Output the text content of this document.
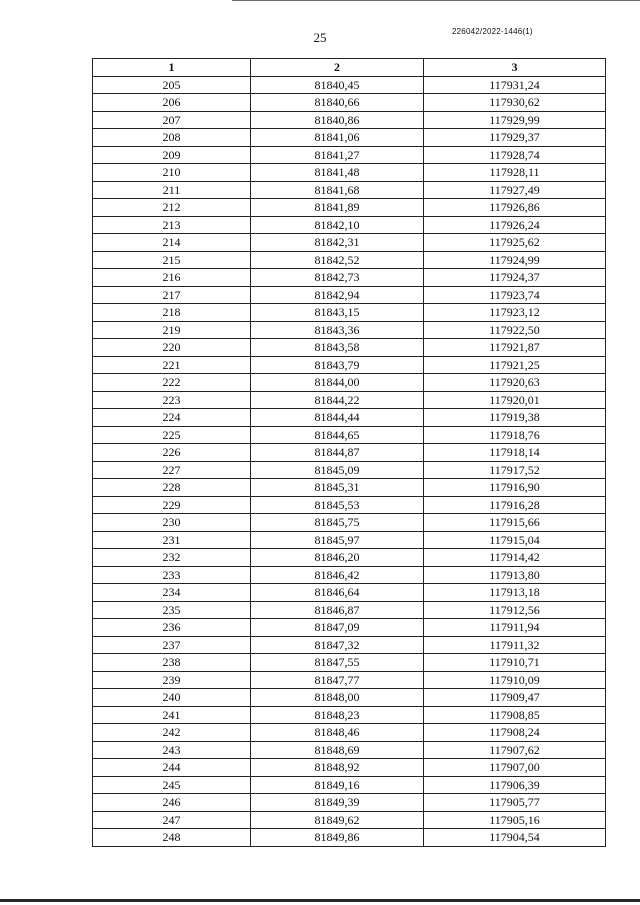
25	226042/2022-1446(1)
1	2	3
205	81840,45	117931,24
206	81840,66	117930,62
207	81840,86	117929,99
208	81841,06	117929,37
209	81841,27	117928,74
210	81841,48	117928,11
211	81841,68	117927,49
212	81841,89	117926,86
213	81842,10	117926,24
214	81842,31	117925,62
215	81842,52	117924,99
216	81842,73	117924,37
217	81842,94	117923,74
218	81843,15	117923,12
219	81843,36	117922,50
220	81843,58	117921,87
221	81843,79	117921,25
222	81844,00	117920,63
223	81844,22	117920,01
224	81844,44	117919,38
225	81844,65	117918,76
226	81844,87	117918,14
227	81845,09	117917,52
228	81845,31	117916,90
229	81845,53	117916,28
230	81845,75	117915,66
231	81845,97	117915,04
232	81846,20	117914,42
233	81846,42	117913,80
234	81846,64	117913,18
235	81846,87	117912,56
236	81847,09	117911,94
237	81847,32	117911,32
238	81847,55	117910,71
239	81847,77	117910,09
240	81848,00	117909,47
241	81848,23	117908,85
242	81848,46	117908,24
243	81848,69	117907,62
244	81848,92	117907,00
245	81849,16	117906,39
246	81849,39	117905,77
247	81849,62	117905,16
248	81849,86	117904,54
